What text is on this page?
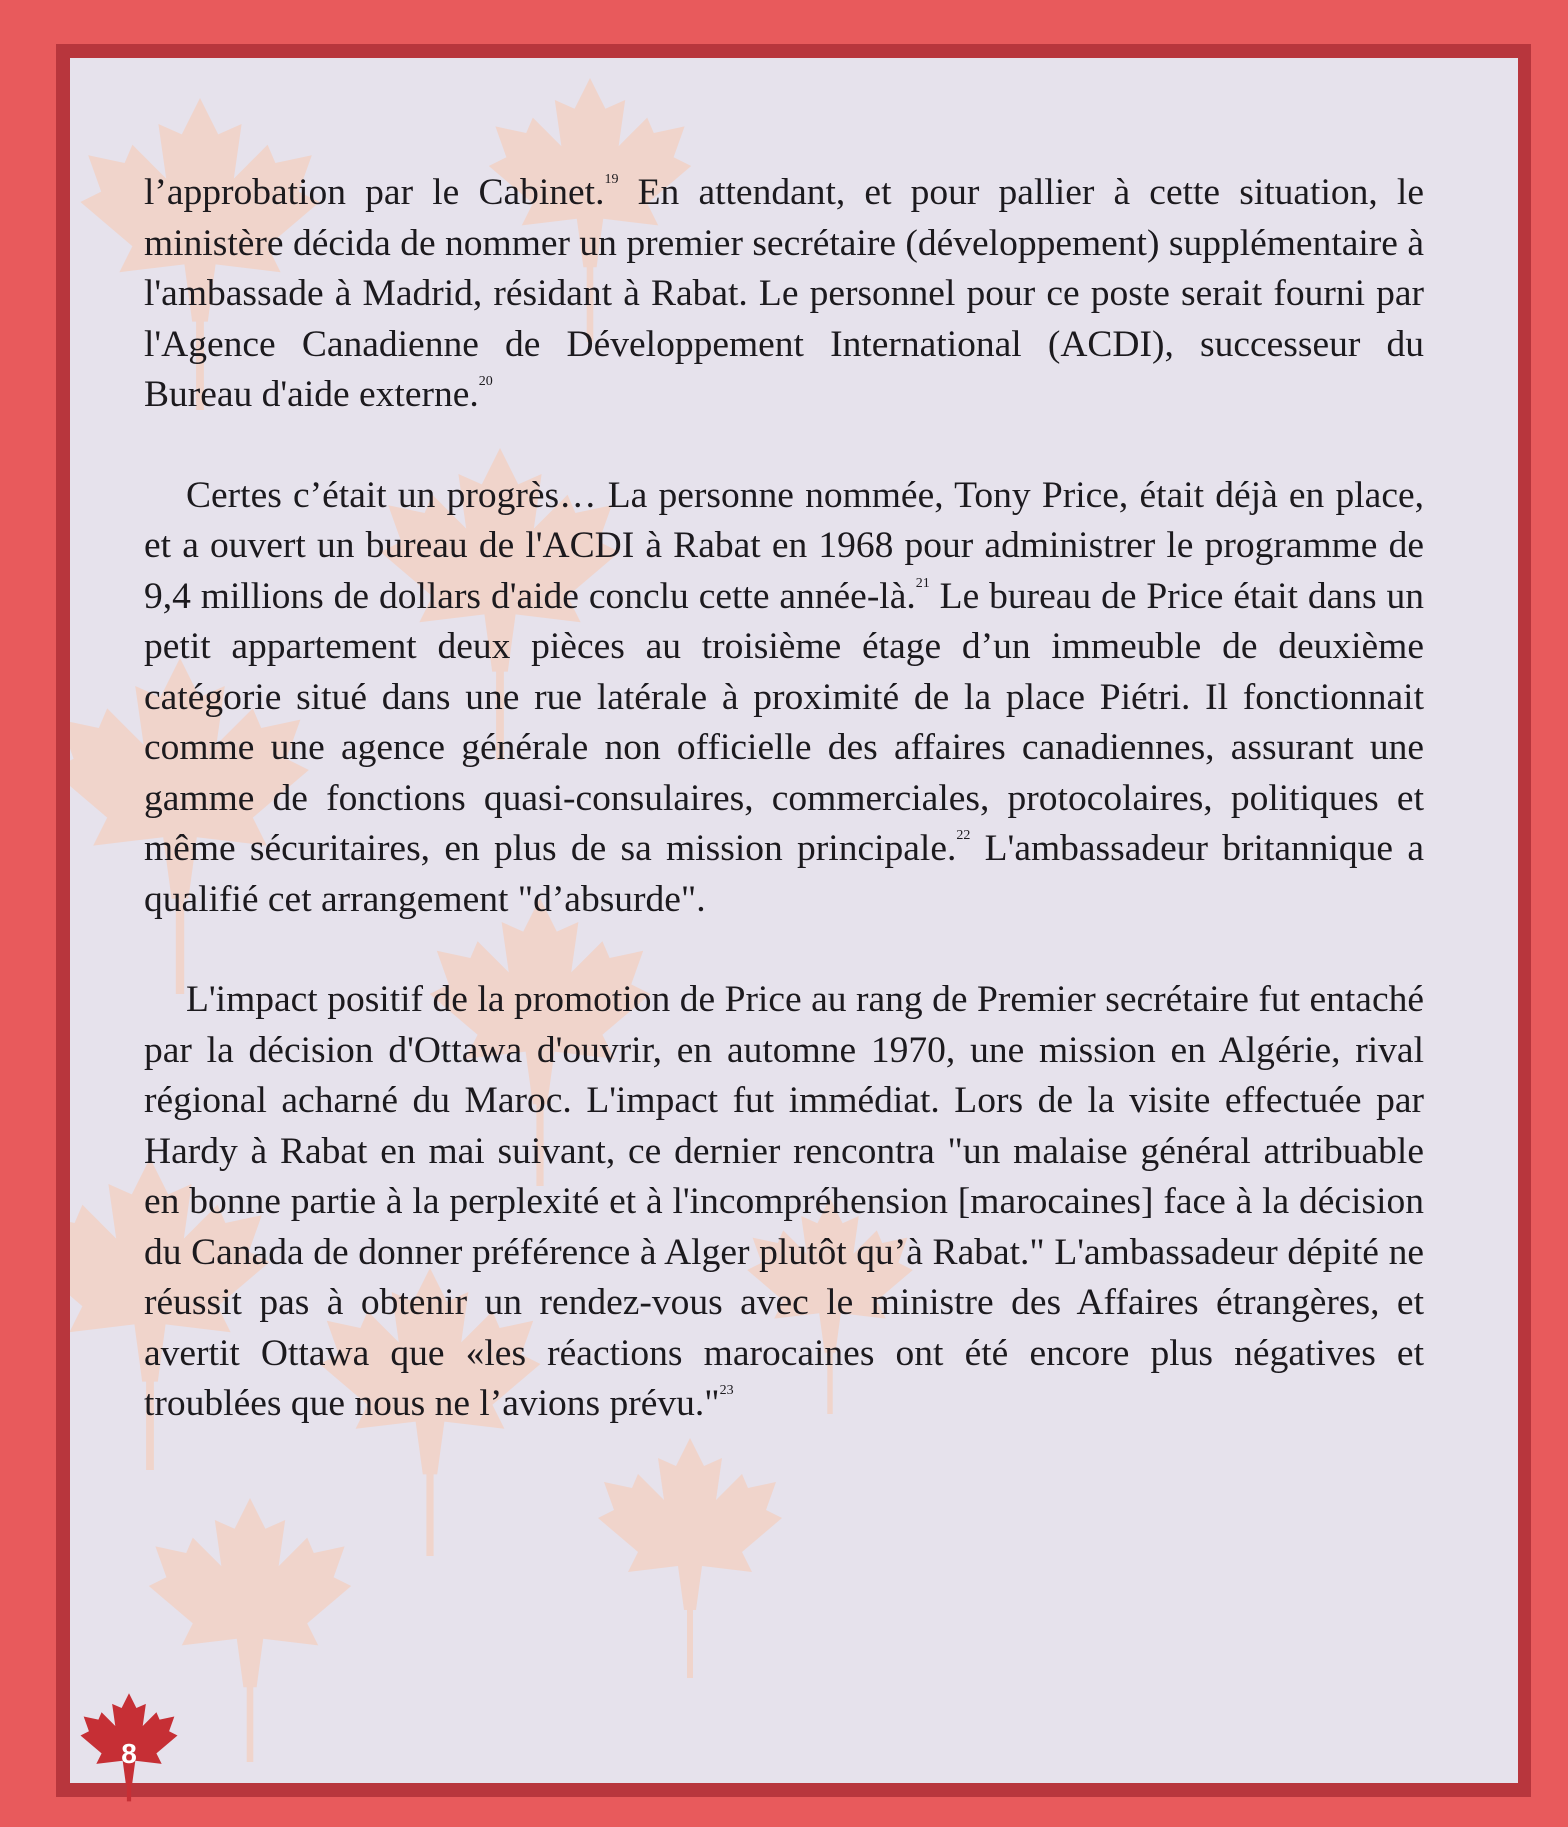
l’approbation par le Cabinet.$^{19}$ En attendant, et pour pallier à cette situation, le ministère décida de nommer un premier secrétaire (développement) supplémentaire à l'ambassade à Madrid, résidant à Rabat. Le personnel pour ce poste serait fourni par l'Agence Canadienne de Développement International (ACDI), successeur du Bureau d'aide externe.$^{20}$

Certes c’était un progrès… La personne nommée, Tony Price, était déjà en place, et a ouvert un bureau de l'ACDI à Rabat en 1968 pour administrer le programme de 9,4 millions de dollars d'aide conclu cette année-là.$^{21}$ Le bureau de Price était dans un petit appartement deux pièces au troisième étage d’un immeuble de deuxième catégorie situé dans une rue latérale à proximité de la place Piétri. Il fonctionnait comme une agence générale non officielle des affaires canadiennes, assurant une gamme de fonctions quasi-consulaires, commerciales, protocolaires, politiques et même sécuritaires, en plus de sa mission principale.$^{22}$ L'ambassadeur britannique a qualifié cet arrangement "d’absurde".

L'impact positif de la promotion de Price au rang de Premier secrétaire fut entaché par la décision d'Ottawa d'ouvrir, en automne 1970, une mission en Algérie, rival régional acharné du Maroc. L'impact fut immédiat. Lors de la visite effectuée par Hardy à Rabat en mai suivant, ce dernier rencontra "un malaise général attribuable en bonne partie à la perplexité et à l'incompréhension [marocaines] face à la décision du Canada de donner préférence à Alger plutôt qu’à Rabat." L'ambassadeur dépité ne réussit pas à obtenir un rendez-vous avec le ministre des Affaires étrangères, et avertit Ottawa que «les réactions marocaines ont été encore plus négatives et troublées que nous ne l’avions prévu."$^{23}$

8
